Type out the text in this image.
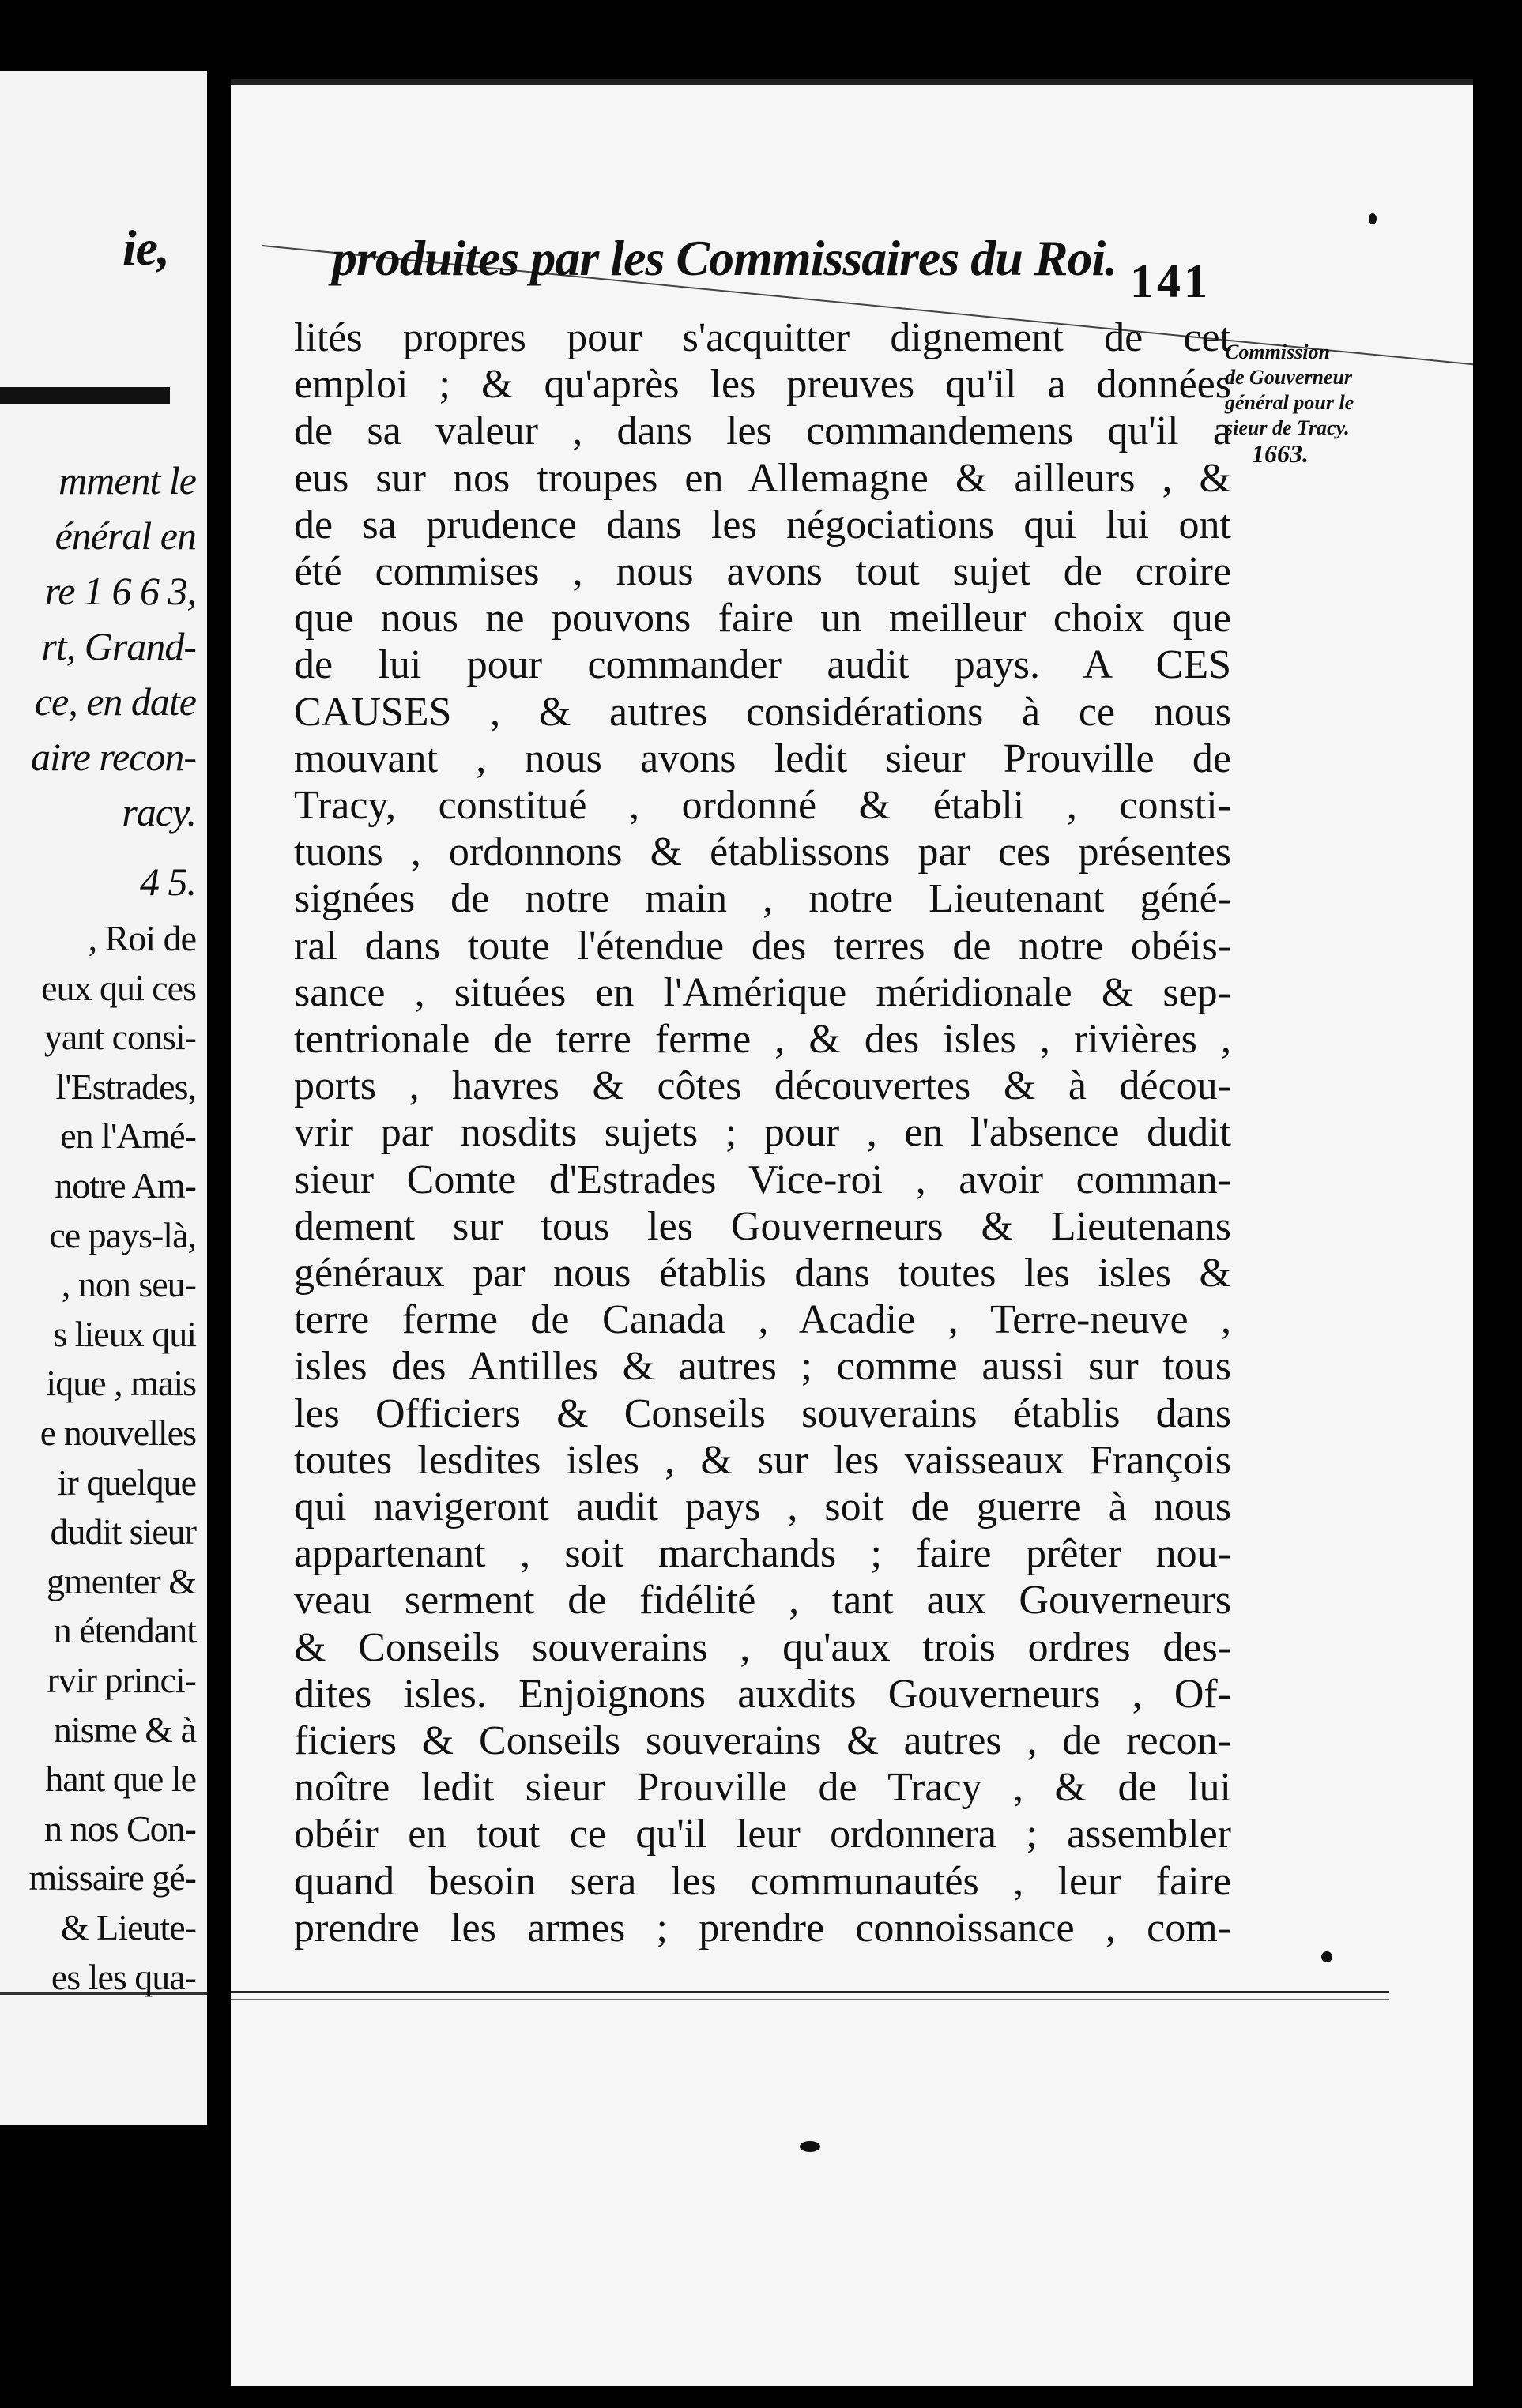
ie,
mment le
énéral en
re 1 6 6 3,
rt, Grand-
ce, en date
aire recon-
racy.
4 5.
, Roi de
eux qui ces
yant consi-
l'Estrades,
en l'Amé-
notre Am-
ce pays-là,
, non seu-
s lieux qui
ique , mais
e nouvelles
ir quelque
dudit sieur
gmenter &
n étendant
rvir princi-
nisme & à
hant que le
n nos Con-
missaire gé-
& Lieute-
es les qua-
produites par les Commissaires du Roi. 141
Commission
de Gouverneur
général pour le
sieur de Tracy.
1663.
lités propres pour s'acquitter dignement de cet
emploi ; & qu'après les preuves qu'il a données
de sa valeur , dans les commandemens qu'il a
eus sur nos troupes en Allemagne & ailleurs , &
de sa prudence dans les négociations qui lui ont
été commises , nous avons tout sujet de croire
que nous ne pouvons faire un meilleur choix que
de lui pour commander audit pays. A CES
CAUSES , & autres considérations à ce nous
mouvant , nous avons ledit sieur Prouville de
Tracy, constitué , ordonné & établi , consti-
tuons , ordonnons & établissons par ces présentes
signées de notre main , notre Lieutenant géné-
ral dans toute l'étendue des terres de notre obéis-
sance , situées en l'Amérique méridionale & sep-
tentrionale de terre ferme , & des isles , rivières ,
ports , havres & côtes découvertes & à décou-
vrir par nosdits sujets ; pour , en l'absence dudit
sieur Comte d'Estrades Vice-roi , avoir comman-
dement sur tous les Gouverneurs & Lieutenans
généraux par nous établis dans toutes les isles &
terre ferme de Canada , Acadie , Terre-neuve ,
isles des Antilles & autres ; comme aussi sur tous
les Officiers & Conseils souverains établis dans
toutes lesdites isles , & sur les vaisseaux François
qui navigeront audit pays , soit de guerre à nous
appartenant , soit marchands ; faire prêter nou-
veau serment de fidélité , tant aux Gouverneurs
& Conseils souverains , qu'aux trois ordres des-
dites isles. Enjoignons auxdits Gouverneurs , Of-
ficiers & Conseils souverains & autres , de recon-
noître ledit sieur Prouville de Tracy , & de lui
obéir en tout ce qu'il leur ordonnera ; assembler
quand besoin sera les communautés , leur faire
prendre les armes ; prendre connoissance , com-
